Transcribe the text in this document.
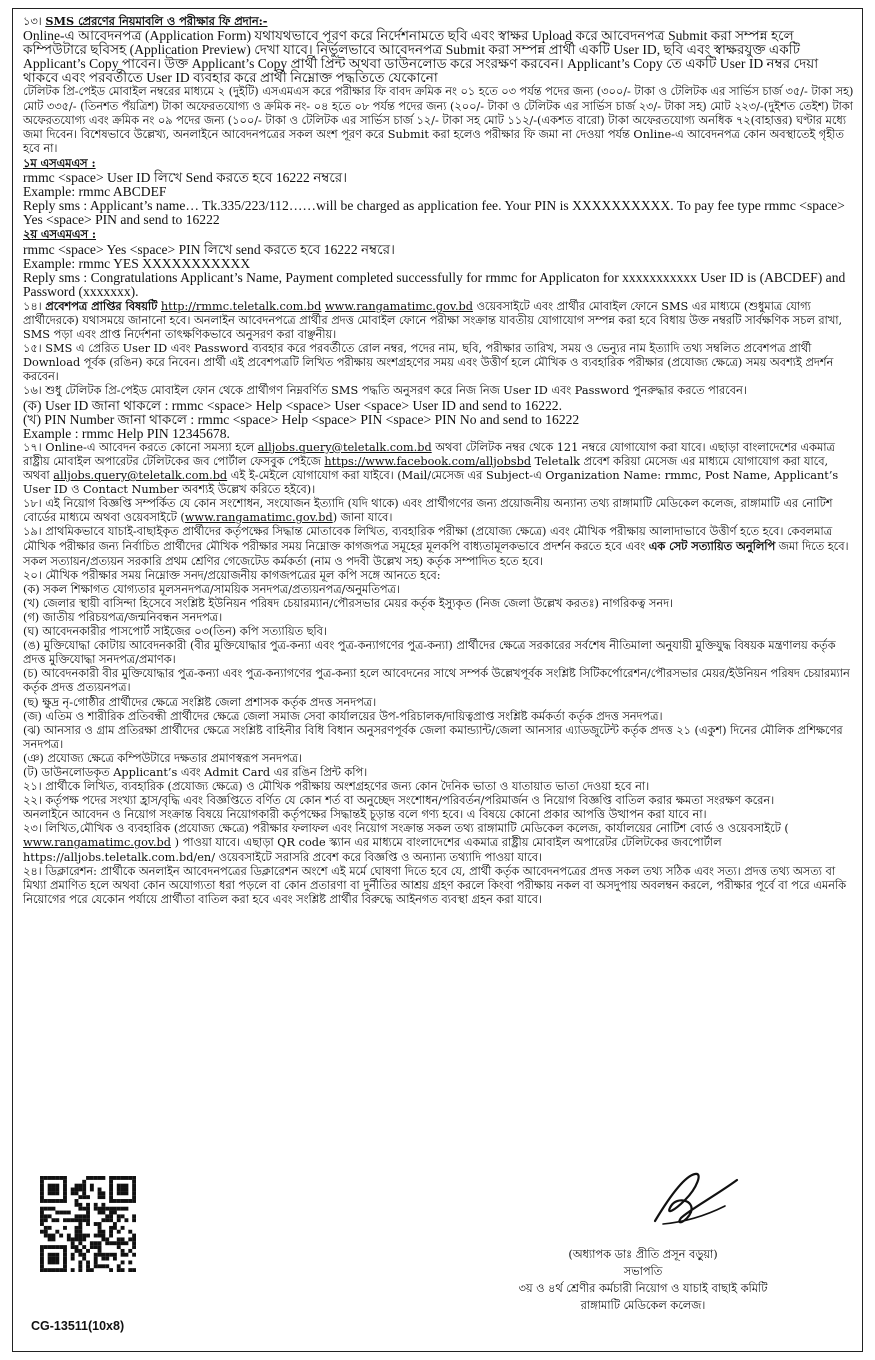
১৩। SMS প্রেরণের নিয়মাবলি ও পরীক্ষার ফি প্রদান:-
Online-এ আবেদনপত্র (Application Form) যথাযথভাবে পূরণ করে নির্দেশনামতে ছবি এবং স্বাক্ষর Upload করে আবেদনপত্র Submit করা সম্পন্ন হলে কম্পিউটারে ছবিসহ (Application Preview) দেখা যাবে। নির্ভুলভাবে আবেদনপত্র Submit করা সম্পন্ন প্রার্থী একটি User ID, ছবি এবং স্বাক্ষরযুক্ত একটি Applicant’s Copy পাবেন। উক্ত Applicant’s Copy প্রার্থী প্রিন্ট অথবা ডাউনলোড করে সংরক্ষণ করবেন। Applicant’s Copy তে একটি User ID নম্বর দেয়া থাকবে এবং পরবর্তীতে User ID ব্যবহার করে প্রার্থী নিম্নোক্ত পদ্ধতিতে যেকোনো
টেলিটক প্রি-পেইড মোবাইল নম্বরের মাধ্যমে ২ (দুইটি) এসএমএস করে পরীক্ষার ফি বাবদ ক্রমিক নং ০১ হতে ০৩ পর্যন্ত পদের জন্য (৩০০/- টাকা ও টেলিটক এর সার্ভিস চার্জ ৩৫/- টাকা সহ) মোট ৩৩৫/- (তিনশত পঁয়ত্রিশ) টাকা অফেরতযোগ্য ও ক্রমিক নং- ০৪ হতে ০৮ পর্যন্ত পদের জন্য (২০০/- টাকা ও টেলিটক এর সার্ভিস চার্জ ২৩/- টাকা সহ) মোট ২২৩/-(দুইশত তেইশ) টাকা অফেরতযোগ্য এবং ক্রমিক নং ০৯ পদের জন্য (১০০/- টাকা ও টেলিটক এর সার্ভিস চার্জ ১২/- টাকা সহ মোট ১১২/-(একশত বারো) টাকা অফেরতযোগ্য অনধিক ৭২(বাহাত্তর) ঘণ্টার মধ্যে জমা দিবেন। বিশেষভাবে উল্লেখ্য, অনলাইনে আবেদনপত্রের সকল অংশ পূরণ করে Submit করা হলেও পরীক্ষার ফি জমা না দেওয়া পর্যন্ত Online-এ আবেদনপত্র কোন অবস্থাতেই গৃহীত হবে না।
১ম এসএমএস :
rmmc <space> User ID লিখে Send করতে হবে 16222 নম্বরে।
Example: rmmc ABCDEF
Reply sms : Applicant’s name… Tk.335/223/112……will be charged as application fee. Your PIN is XXXXXXXXXX. To pay fee type rmmc <space> Yes <space> PIN and send to 16222
২য় এসএমএস :
rmmc <space> Yes <space> PIN লিখে send করতে হবে 16222 নম্বরে।
Example: rmmc YES XXXXXXXXXXX
Reply sms : Congratulations Applicant’s Name, Payment completed successfully for rmmc for Applicaton for xxxxxxxxxxx User ID is (ABCDEF) and Password (xxxxxxx).
১৪। প্রবেশপত্র প্রাপ্তির বিষয়টি http://rmmc.teletalk.com.bd www.rangamatimc.gov.bd ওয়েবসাইটে এবং প্রার্থীর মোবাইল ফোনে SMS এর মাধ্যমে (শুধুমাত্র যোগ্য প্রার্থীদেরকে) যথাসময়ে জানানো হবে। অনলাইন আবেদনপত্রে প্রার্থীর প্রদত্ত মোবাইল ফোনে পরীক্ষা সংক্রান্ত যাবতীয় যোগাযোগ সম্পন্ন করা হবে বিধায় উক্ত নম্বরটি সার্বক্ষণিক সচল রাখা, SMS পড়া এবং প্রাপ্ত নির্দেশনা তাৎক্ষণিকভাবে অনুসরণ করা বাঞ্ছনীয়।
১৫। SMS এ প্রেরিত User ID এবং Password ব্যবহার করে পরবর্তীতে রোল নম্বর, পদের নাম, ছবি, পরীক্ষার তারিখ, সময় ও ভেন্যুর নাম ইত্যাদি তথ্য সম্বলিত প্রবেশপত্র প্রার্থী Download পূর্বক (রঙিন) করে নিবেন। প্রার্থী এই প্রবেশপত্রটি লিখিত পরীক্ষায় অংশগ্রহণের সময় এবং উত্তীর্ণ হলে মৌখিক ও ব্যবহারিক পরীক্ষার (প্রযোজ্য ক্ষেত্রে) সময় অবশ্যই প্রদর্শন করবেন।
১৬। শুধু টেলিটক প্রি-পেইড মোবাইল ফোন থেকে প্রার্থীগণ নিম্নবর্ণিত SMS পদ্ধতি অনুসরণ করে নিজ নিজ User ID এবং Password পুনরুদ্ধার করতে পারবেন।
(ক) User ID জানা থাকলে : rmmc <space> Help <space> User <space> User ID and send to 16222.
(খ) PIN Number জানা থাকলে : rmmc <space> Help <space> PIN <space> PIN No and send to 16222
Example : rmmc Help PIN 12345678.
১৭। Online-এ আবেদন করতে কোনো সমস্যা হলে alljobs.query@teletalk.com.bd অথবা টেলিটক নম্বর থেকে 121 নম্বরে যোগাযোগ করা যাবে। এছাড়া বাংলাদেশের একমাত্র রাষ্ট্রীয় মোবাইল অপারেটর টেলিটকের জব পোর্টাল ফেসবুক পেইজে https://www.facebook.com/alljobsbd Teletalk প্রবেশ করিয়া মেসেজ এর মাধ্যমে যোগাযোগ করা যাবে, অথবা alljobs.query@teletalk.com.bd এই ই-মেইলে যোগাযোগ করা যাইবে। (Mail/মেসেজ এর Subject-এ Organization Name: rmmc, Post Name, Applicant’s User ID ও Contact Number অবশ্যই উল্লেখ করিতে হইবে)।
১৮। এই নিয়োগ বিজ্ঞপ্তি সম্পর্কিত যে কোন সংশোধন, সংযোজন ইত্যাদি (যদি থাকে) এবং প্রার্থীগণের জন্য প্রয়োজনীয় অন্যান্য তথ্য রাঙ্গামাটি মেডিকেল কলেজ, রাঙ্গামাটি এর নোটিশ বোর্ডের মাধ্যমে অথবা ওয়েবসাইটে (www.rangamatimc.gov.bd) জানা যাবে।
১৯। প্রাথমিকভাবে যাচাই-বাছাইকৃত প্রার্থীদের কর্তৃপক্ষের সিদ্ধান্ত মোতাবেক লিখিত, ব্যবহারিক পরীক্ষা (প্রযোজ্য ক্ষেত্রে) এবং মৌখিক পরীক্ষায় আলাদাভাবে উত্তীর্ণ হতে হবে। কেবলমাত্র মৌখিক পরীক্ষার জন্য নির্বাচিত প্রার্থীদের মৌখিক পরীক্ষার সময় নিম্নোক্ত কাগজপত্র সমূহের মূলকপি বাধ্যতামূলকভাবে প্রদর্শন করতে হবে এবং এক সেট সত্যায়িত অনুলিপি জমা দিতে হবে। সকল সত্যায়ন/প্রত্যয়ন সরকারি প্রথম শ্রেণির গেজেটেড কর্মকর্তা (নাম ও পদবী উল্লেখ সহ) কর্তৃক সম্পাদিত হতে হবে।
২০। মৌখিক পরীক্ষার সময় নিম্নোক্ত সনদ/প্রয়োজনীয় কাগজপত্রের মূল কপি সঙ্গে আনতে হবে:
(ক) সকল শিক্ষাগত যোগ্যতার মূলসনদপত্র/সাময়িক সনদপত্র/প্রত্যয়নপত্র/অনুমতিপত্র।
(খ) জেলার স্থায়ী বাসিন্দা হিসেবে সংশ্লিষ্ট ইউনিয়ন পরিষদ চেয়ারম্যান/পৌরসভার মেয়র কর্তৃক ইস্যুকৃত (নিজ জেলা উল্লেখ করতঃ) নাগরিকত্ব সনদ।
(গ) জাতীয় পরিচয়পত্র/জন্মনিবন্ধন সনদপত্র।
(ঘ) আবেদনকারীর পাসপোর্ট সাইজের ০৩(তিন) কপি সত্যায়িত ছবি।
(ঙ) মুক্তিযোদ্ধা কোটায় আবেদনকারী (বীর মুক্তিযোদ্ধার পুত্র-কন্যা এবং পুত্র-কন্যাগণের পুত্র-কন্যা) প্রার্থীদের ক্ষেত্রে সরকারের সর্বশেষ নীতিমালা অনুযায়ী মুক্তিযুদ্ধ বিষয়ক মন্ত্রণালয় কর্তৃক প্রদত্ত মুক্তিযোদ্ধা সনদপত্র/প্রমাণক।
(চ) আবেদনকারী বীর মুক্তিযোদ্ধার পুত্র-কন্যা এবং পুত্র-কন্যাগণের পুত্র-কন্যা হলে আবেদনের সাথে সম্পর্ক উল্লেখপূর্বক সংশ্লিষ্ট সিটিকর্পোরেশন/পৌরসভার মেয়র/ইউনিয়ন পরিষদ চেয়ারম্যান কর্তৃক প্রদত্ত প্রত্যয়নপত্র।
(ছ) ক্ষুদ্র নৃ-গোষ্ঠীর প্রার্থীদের ক্ষেত্রে সংশ্লিষ্ট জেলা প্রশাসক কর্তৃক প্রদত্ত সনদপত্র।
(জ) এতিম ও শারীরিক প্রতিবন্ধী প্রার্থীদের ক্ষেত্রে জেলা সমাজ সেবা কার্যালয়ের উপ-পরিচালক/দায়িত্বপ্রাপ্ত সংশ্লিষ্ট কর্মকর্তা কর্তৃক প্রদত্ত সনদপত্র।
(ঝ) আনসার ও গ্রাম প্রতিরক্ষা প্রার্থীদের ক্ষেত্রে সংশ্লিষ্ট বাহিনীর বিধি বিধান অনুসরণপূর্বক জেলা কমান্ড্যান্ট/জেলা আনসার এ্যাডজুটেন্ট কর্তৃক প্রদত্ত ২১ (একুশ) দিনের মৌলিক প্রশিক্ষণের সনদপত্র।
(ঞ) প্রযোজ্য ক্ষেত্রে কম্পিউটারে দক্ষতার প্রমাণস্বরূপ সনদপত্র।
(ট) ডাউনলোডকৃত Applicant’s এবং Admit Card এর রঙিন প্রিন্ট কপি।
২১। প্রার্থীকে লিখিত, ব্যবহারিক (প্রযোজ্য ক্ষেত্রে) ও মৌখিক পরীক্ষায় অংশগ্রহণের জন্য কোন দৈনিক ভাতা ও যাতায়াত ভাতা দেওয়া হবে না।
২২। কর্তৃপক্ষ পদের সংখ্যা হ্রাস/বৃদ্ধি এবং বিজ্ঞপ্তিতে বর্ণিত যে কোন শর্ত বা অনুচ্ছেদ সংশোধন/পরিবর্তন/পরিমার্জন ও নিয়োগ বিজ্ঞপ্তি বাতিল করার ক্ষমতা সংরক্ষণ করেন।
অনলাইনে আবেদন ও নিয়োগ সংক্রান্ত বিষয়ে নিয়োগকারী কর্তৃপক্ষের সিদ্ধান্তই চূড়ান্ত বলে গণ্য হবে। এ বিষয়ে কোনো প্রকার আপত্তি উত্থাপন করা যাবে না।
২৩। লিখিত,মৌখিক ও ব্যবহারিক (প্রযোজ্য ক্ষেত্রে) পরীক্ষার ফলাফল এবং নিয়োগ সংক্রান্ত সকল তথ্য রাঙ্গামাটি মেডিকেল কলেজ, কার্যালয়ের নোটিশ বোর্ড ও ওয়েবসাইটে ( www.rangamatimc.gov.bd ) পাওয়া যাবে। এছাড়া QR code স্ক্যান এর মাধ্যমে বাংলাদেশের একমাত্র রাষ্ট্রীয় মোবাইল অপারেটর টেলিটকের জবপোর্টাল https://alljobs.teletalk.com.bd/en/ ওয়েবসাইটে সরাসরি প্রবেশ করে বিজ্ঞপ্তি ও অন্যান্য তথ্যাদি পাওয়া যাবে।
২৪। ডিক্লারেশন: প্রার্থীকে অনলাইন আবেদনপত্রের ডিক্লারেশন অংশে এই মর্মে ঘোষণা দিতে হবে যে, প্রার্থী কর্তৃক আবেদনপত্রের প্রদত্ত সকল তথ্য সঠিক এবং সত্য। প্রদত্ত তথ্য অসত্য বা মিথ্যা প্রমাণিত হলে অথবা কোন অযোগ্যতা ধরা পড়লে বা কোন প্রতারণা বা দুর্নীতির আশ্রয় গ্রহণ করলে কিংবা পরীক্ষায় নকল বা অসদুপায় অবলম্বন করলে, পরীক্ষার পূর্বে বা পরে এমনকি নিয়োগের পরে যেকোন পর্যায়ে প্রার্থীতা বাতিল করা হবে এবং সংশ্লিষ্ট প্রার্থীর বিরুদ্ধে আইনগত ব্যবস্থা গ্রহন করা যাবে।
CG-13511(10x8)
(অধ্যাপক ডাঃ প্রীতি প্রসূন বড়ুয়া)
সভাপতি
৩য় ও ৪র্থ শ্রেণীর কর্মচারী নিয়োগ ও যাচাই বাছাই কমিটি
রাঙ্গামাটি মেডিকেল কলেজ।
